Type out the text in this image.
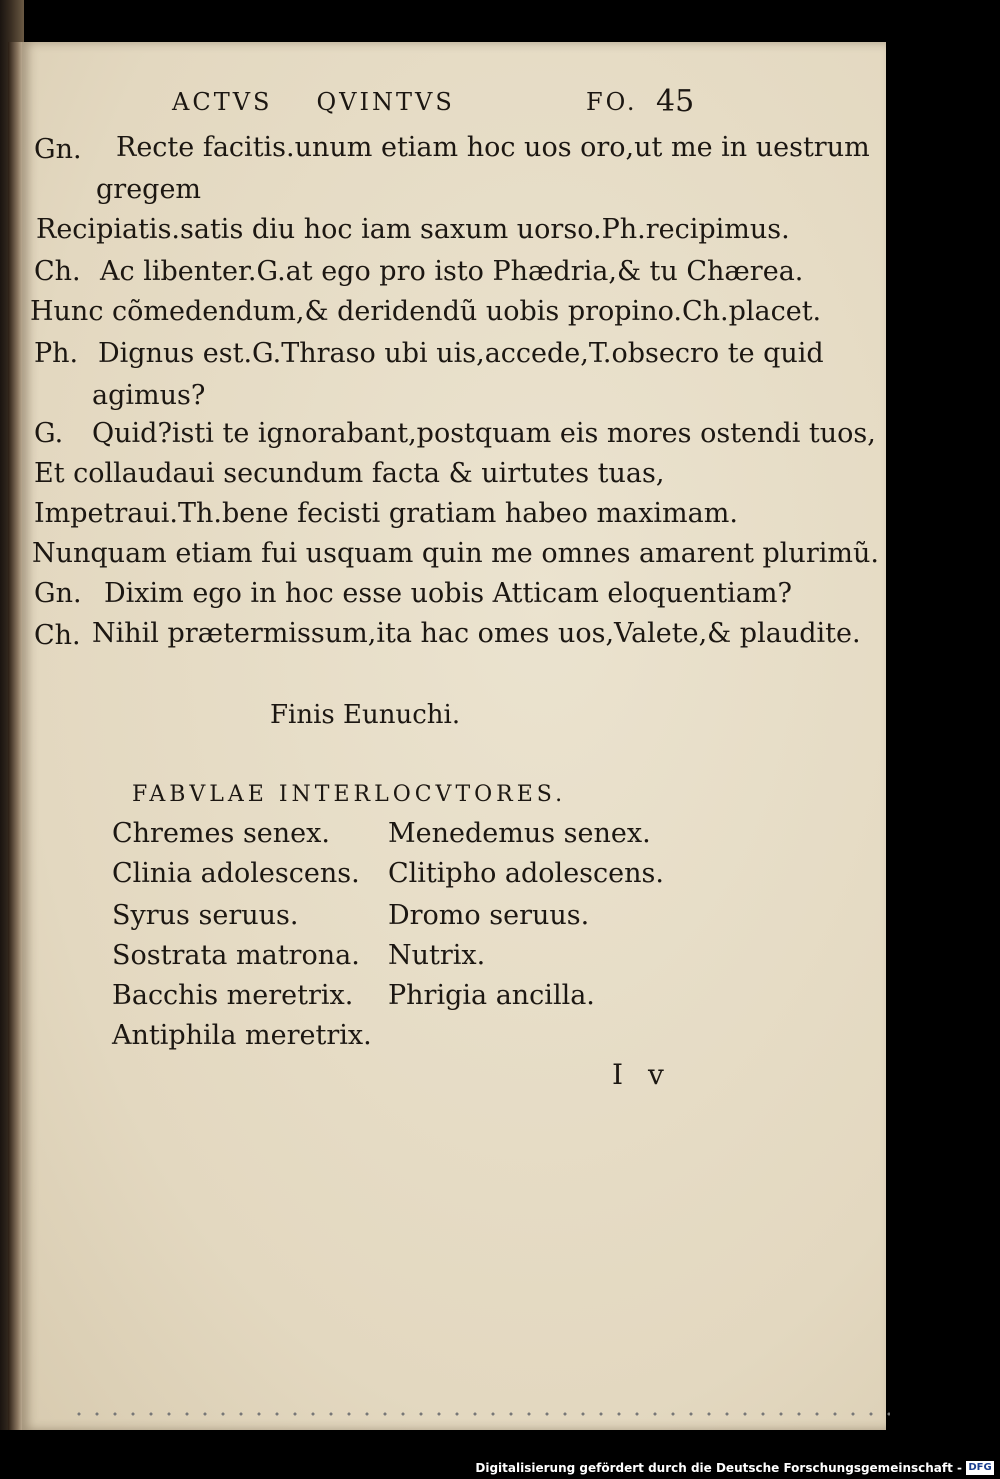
ACTVS QVINTVS	FO. 45
Gn. Recte facitis.unum etiam hoc uos oro,ut me in uestrum
gregem
Recipiatis.satis diu hoc iam saxum uorso.Ph.recipimus.
Ch. Ac libenter.G.at ego pro isto Phædria,& tu Chærea.
Hunc cõmedendum,& deridendũ uobis propino.Ch.placet.
Ph. Dignus est.G.Thraso ubi uis,accede,T.obsecro te quid
agimus?
G. Quid?isti te ignorabant,postquam eis mores ostendi tuos,
Et collaudaui secundum facta & uirtutes tuas,
Impetraui.Th.bene fecisti gratiam habeo maximam.
Nunquam etiam fui usquam quin me omnes amarent plurimũ.
Gn. Dixim ego in hoc esse uobis Atticam eloquentiam?
Ch. Nihil prætermissum,ita hac omes uos,Valete,& plaudite.
Finis Eunuchi.
FABVLAE INTERLOCVTORES.
Chremes senex.
Clinia adolescens.
Syrus seruus.
Sostrata matrona.
Bacchis meretrix.
Antiphila meretrix.
Menedemus senex.
Clitipho adolescens.
Dromo seruus.
Nutrix.
Phrigia ancilla.
I v
Digitalisierung gefördert durch die Deutsche Forschungsgemeinschaft - DFG
